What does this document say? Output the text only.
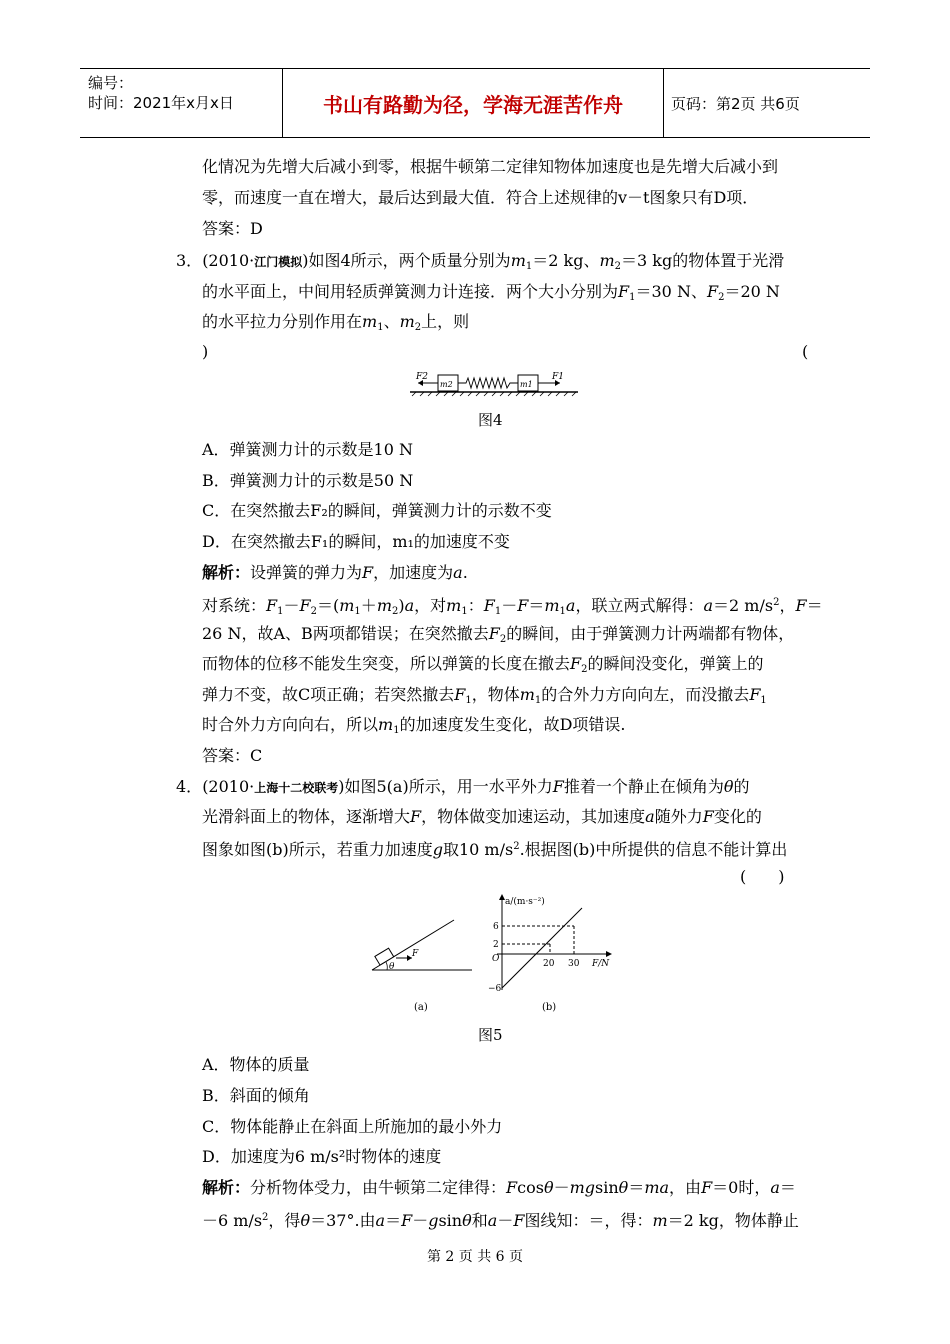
编号：
时间：2021年x月x日	书山有路勤为径，学海无涯苦作舟	页码：第2页 共6页
化情况为先增大后减小到零，根据牛顿第二定律知物体加速度也是先增大后减小到
零，而速度一直在增大，最后达到最大值．符合上述规律的v－t图象只有D项．
答案：D
3．(2010·江门模拟)如图4所示，两个质量分别为$m_1=2$ kg、$m_2=3$ kg的物体置于光滑
的水平面上，中间用轻质弹簧测力计连接．两个大小分别为$F_1=30$ N、$F_2=20$ N
的水平拉力分别作用在$m_1$、$m_2$上，则
(
)
F2
m2	m1
F1
图4
A．弹簧测力计的示数是10 N
B．弹簧测力计的示数是50 N
C．在突然撤去F₂的瞬间，弹簧测力计的示数不变
D．在突然撤去F₁的瞬间，m₁的加速度不变
解析：设弹簧的弹力为F，加速度为a.
对系统：$F_1-F_2=(m_1+m_2)a$，对$m_1$：$F_1-F=m_1a$，联立两式解得：a＝2 $m/s^2$，F＝
26 N，故A、B两项都错误；在突然撤去$F_2$的瞬间，由于弹簧测力计两端都有物体，
而物体的位移不能发生突变，所以弹簧的长度在撤去$F_2$的瞬间没变化，弹簧上的
弹力不变，故C项正确；若突然撤去$F_1$，物体$m_1$的合外力方向向左，而没撤去$F_1$
时合外力方向向右，所以$m_1$的加速度发生变化，故D项错误.
答案：C
4．(2010·上海十二校联考)如图5(a)所示，用一水平外力F推着一个静止在倾角为θ的
光滑斜面上的物体，逐渐增大F，物体做变加速运动，其加速度a随外力F变化的
图象如图(b)所示，若重力加速度g取10 $m/s^2$.根据图(b)中所提供的信息不能计算出
(　　)
θ
F
(a)
a/(m·s⁻²)
6
2
O
−6
20 30 F/N
(b)
图5
A．物体的质量
B．斜面的倾角
C．物体能静止在斜面上所施加的最小外力
D．加速度为6 m/s²时物体的速度
解析：分析物体受力，由牛顿第二定律得：Fcosθ－mgsinθ＝ma，由F＝0时，a＝
－6 $m/s^2$，得θ＝37°.由a＝F－gsinθ和a－F图线知：＝，得：m＝2 kg，物体静止
第 2 页 共 6 页
